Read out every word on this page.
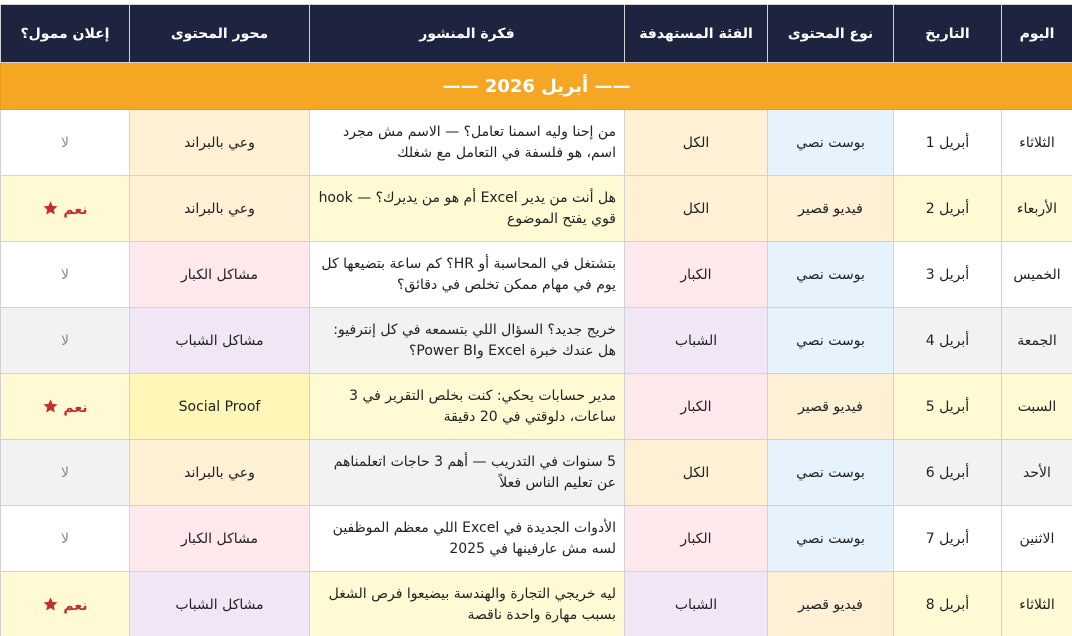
اليوم	التاريخ	نوع المحتوى	الفئة المستهدفة	فكرة المنشور	محور المحتوى	إعلان ممول؟
—— أبريل 2026 ——						
الثلاثاء	أبريل 1	بوست نصي	الكل	من إحنا وليه اسمنا تعامل؟ — الاسم مش مجرد اسم، هو فلسفة في التعامل مع شغلك	وعي بالبراند	لا
الأربعاء	أبريل 2	فيديو قصير	الكل	هل أنت من يدير Excel أم هو من يديرك؟ — hook قوي يفتح الموضوع	وعي بالبراند	نعم
الخميس	أبريل 3	بوست نصي	الكبار	بتشتغل في المحاسبة أو HR؟ كم ساعة بتضيعها كل يوم في مهام ممكن تخلص في دقائق؟	مشاكل الكبار	لا
الجمعة	أبريل 4	بوست نصي	الشباب	خريج جديد؟ السؤال اللي بتسمعه في كل إنترفيو: هل عندك خبرة Excel وPower BI؟	مشاكل الشباب	لا
السبت	أبريل 5	فيديو قصير	الكبار	مدير حسابات يحكي: كنت بخلص التقرير في 3 ساعات، دلوقتي في 20 دقيقة	Social Proof	نعم
الأحد	أبريل 6	بوست نصي	الكل	5 سنوات في التدريب — أهم 3 حاجات اتعلمناهم عن تعليم الناس فعلاً	وعي بالبراند	لا
الاثنين	أبريل 7	بوست نصي	الكبار	الأدوات الجديدة في Excel اللي معظم الموظفين لسه مش عارفينها في 2025	مشاكل الكبار	لا
الثلاثاء	أبريل 8	فيديو قصير	الشباب	ليه خريجي التجارة والهندسة بيضيعوا فرص الشغل بسبب مهارة واحدة ناقصة	مشاكل الشباب	نعم
